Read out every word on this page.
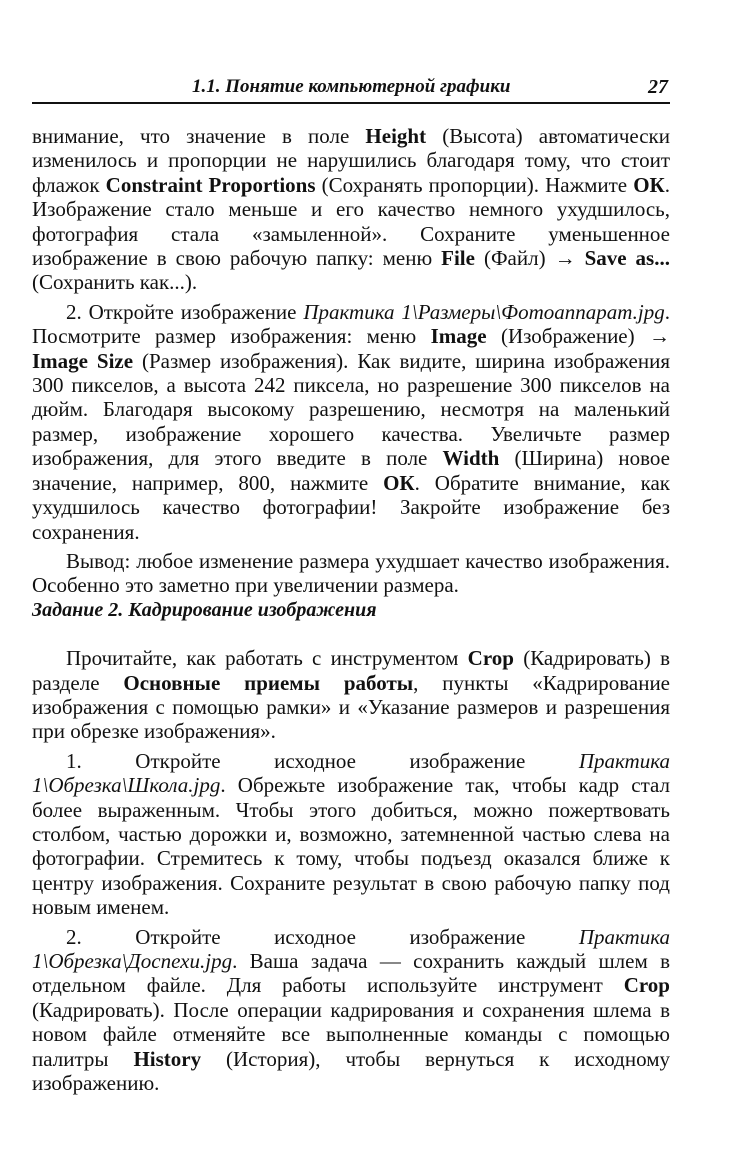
1.1. Понятие компьютерной графики	27

внимание, что значение в поле Height (Высота) автоматически изменилось и пропорции не нарушились благодаря тому, что стоит флажок Constraint Proportions (Сохранять пропорции). Нажмите ОК. Изображение стало меньше и его качество немного ухудшилось, фотография стала «замыленной». Сохраните уменьшенное изображение в свою рабочую папку: меню File (Файл) → Save as... (Сохранить как...).

2. Откройте изображение Практика 1\Размеры\Фотоаппарат.jpg. Посмотрите размер изображения: меню Image (Изображение) → Image Size (Размер изображения). Как видите, ширина изображения 300 пикселов, а высота 242 пиксела, но разрешение 300 пикселов на дюйм. Благодаря высокому разрешению, несмотря на маленький размер, изображение хорошего качества. Увеличьте размер изображения, для этого введите в поле Width (Ширина) новое значение, например, 800, нажмите ОК. Обратите внимание, как ухудшилось качество фотографии! Закройте изображение без сохранения.

Вывод: любое изменение размера ухудшает качество изображения. Особенно это заметно при увеличении размера.

Задание 2. Кадрирование изображения

Прочитайте, как работать с инструментом Crop (Кадрировать) в разделе Основные приемы работы, пункты «Кадрирование изображения с помощью рамки» и «Указание размеров и разрешения при обрезке изображения».

1. Откройте исходное изображение Практика 1\Обрезка\Школа.jpg. Обрежьте изображение так, чтобы кадр стал более выраженным. Чтобы этого добиться, можно пожертвовать столбом, частью дорожки и, возможно, затемненной частью слева на фотографии. Стремитесь к тому, чтобы подъезд оказался ближе к центру изображения. Сохраните результат в свою рабочую папку под новым именем.

2. Откройте исходное изображение Практика 1\Обрезка\Доспехи.jpg. Ваша задача — сохранить каждый шлем в отдельном файле. Для работы используйте инструмент Crop (Кадрировать). После операции кадрирования и сохранения шлема в новом файле отменяйте все выполненные команды с помощью палитры History (История), чтобы вернуться к исходному изображению.
